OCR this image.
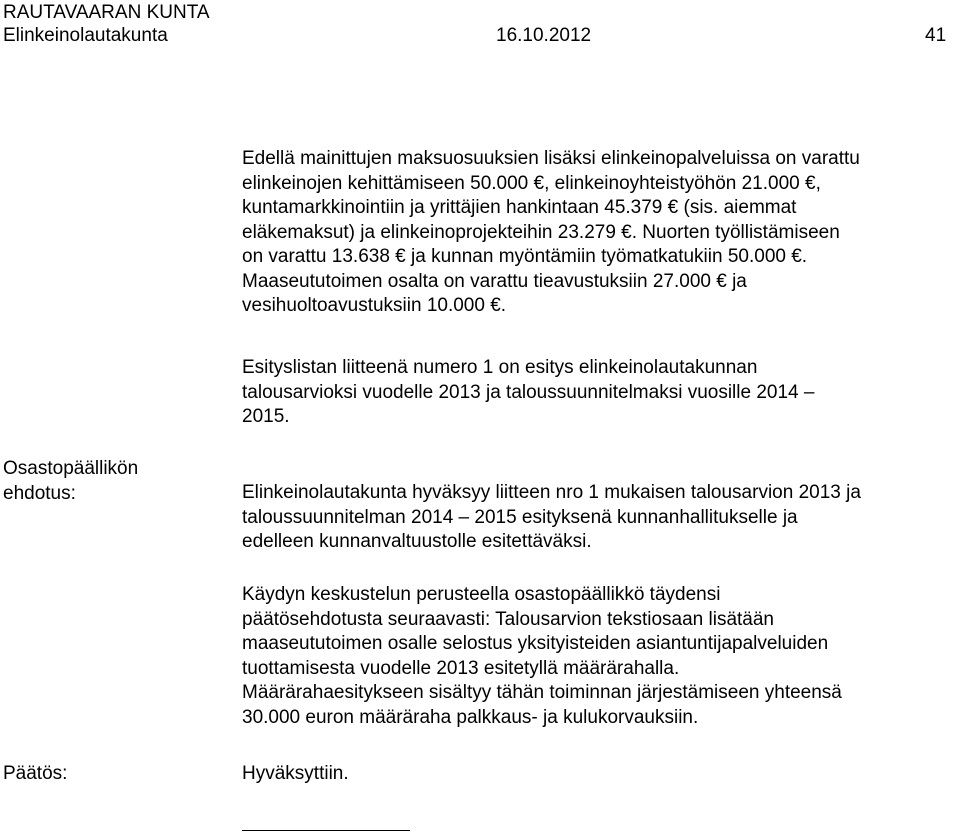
RAUTAVAARAN KUNTA
Elinkeinolautakunta	16.10.2012	41
Edellä mainittujen maksuosuuksien lisäksi elinkeinopalveluissa on varattu
elinkeinojen kehittämiseen 50.000 €, elinkeinoyhteistyöhön 21.000 €,
kuntamarkkinointiin ja yrittäjien hankintaan 45.379 € (sis. aiemmat
eläkemaksut) ja elinkeinoprojekteihin 23.279 €. Nuorten työllistämiseen
on varattu 13.638 € ja kunnan myöntämiin työmatkatukiin 50.000 €.
Maaseututoimen osalta on varattu tieavustuksiin 27.000 € ja
vesihuoltoavustuksiin 10.000 €.
Esityslistan liitteenä numero 1 on esitys elinkeinolautakunnan
talousarvioksi vuodelle 2013 ja taloussuunnitelmaksi vuosille 2014 –
2015.
Osastopäällikön
ehdotus:	Elinkeinolautakunta hyväksyy liitteen nro 1 mukaisen talousarvion 2013 ja
taloussuunnitelman 2014 – 2015 esityksenä kunnanhallitukselle ja
edelleen kunnanvaltuustolle esitettäväksi.
Käydyn keskustelun perusteella osastopäällikkö täydensi
päätösehdotusta seuraavasti: Talousarvion tekstiosaan lisätään
maaseututoimen osalle selostus yksityisteiden asiantuntijapalveluiden
tuottamisesta vuodelle 2013 esitetyllä määrärahalla.
Määrärahaesitykseen sisältyy tähän toiminnan järjestämiseen yhteensä
30.000 euron määräraha palkkaus- ja kulukorvauksiin.
Päätös:	Hyväksyttiin.
